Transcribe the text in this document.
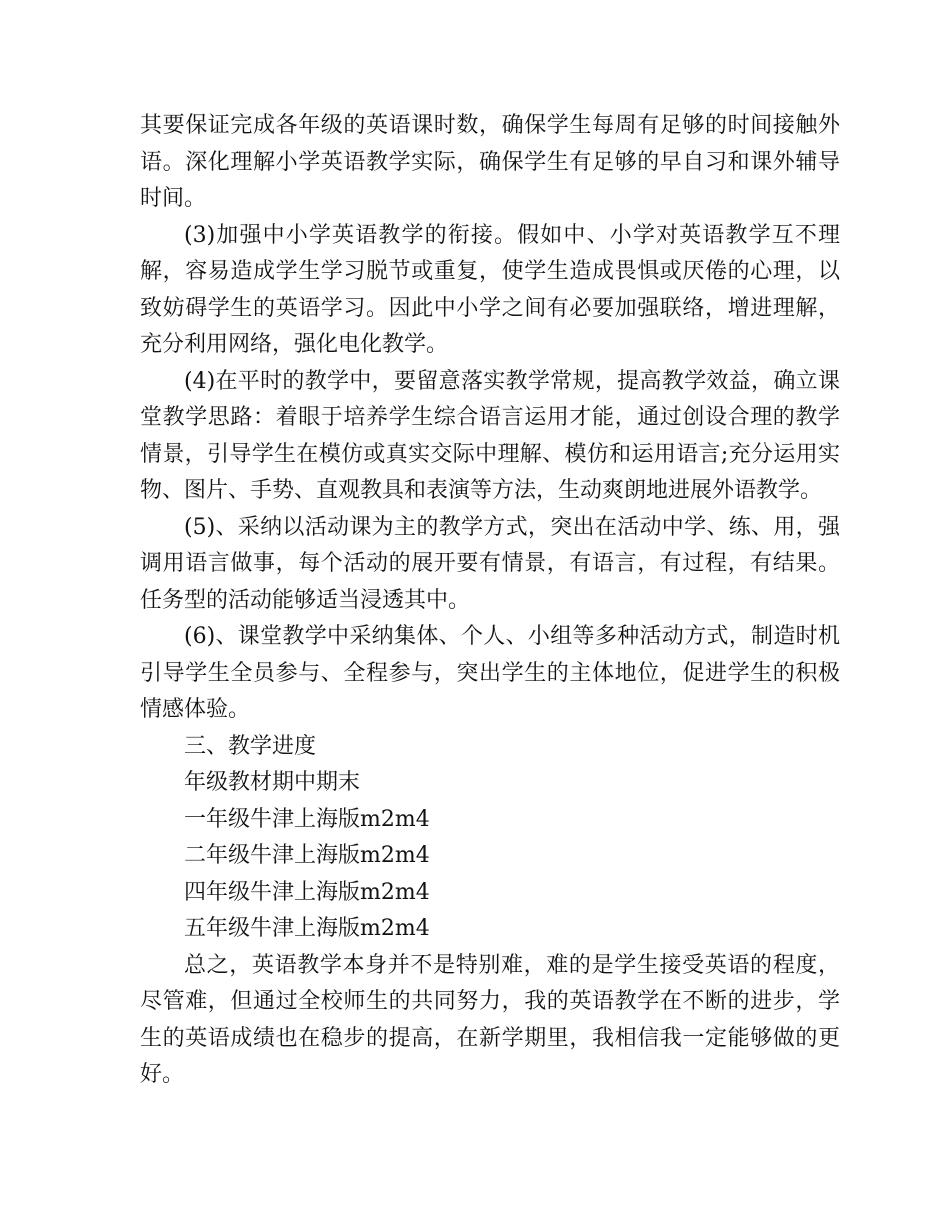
其要保证完成各年级的英语课时数，确保学生每周有足够的时间接触外语。深化理解小学英语教学实际，确保学生有足够的早自习和课外辅导时间。

(3)加强中小学英语教学的衔接。假如中、小学对英语教学互不理解，容易造成学生学习脱节或重复，使学生造成畏惧或厌倦的心理，以致妨碍学生的英语学习。因此中小学之间有必要加强联络，增进理解，充分利用网络，强化电化教学。

(4)在平时的教学中，要留意落实教学常规，提高教学效益，确立课堂教学思路：着眼于培养学生综合语言运用才能，通过创设合理的教学情景，引导学生在模仿或真实交际中理解、模仿和运用语言;充分运用实物、图片、手势、直观教具和表演等方法，生动爽朗地进展外语教学。

(5)、采纳以活动课为主的教学方式，突出在活动中学、练、用，强调用语言做事，每个活动的展开要有情景，有语言，有过程，有结果。任务型的活动能够适当浸透其中。

(6)、课堂教学中采纳集体、个人、小组等多种活动方式，制造时机引导学生全员参与、全程参与，突出学生的主体地位，促进学生的积极情感体验。

三、教学进度

年级教材期中期末

一年级牛津上海版m2m4

二年级牛津上海版m2m4

四年级牛津上海版m2m4

五年级牛津上海版m2m4

总之，英语教学本身并不是特别难，难的是学生接受英语的程度，尽管难，但通过全校师生的共同努力，我的英语教学在不断的进步，学生的英语成绩也在稳步的提高，在新学期里，我相信我一定能够做的更好。
